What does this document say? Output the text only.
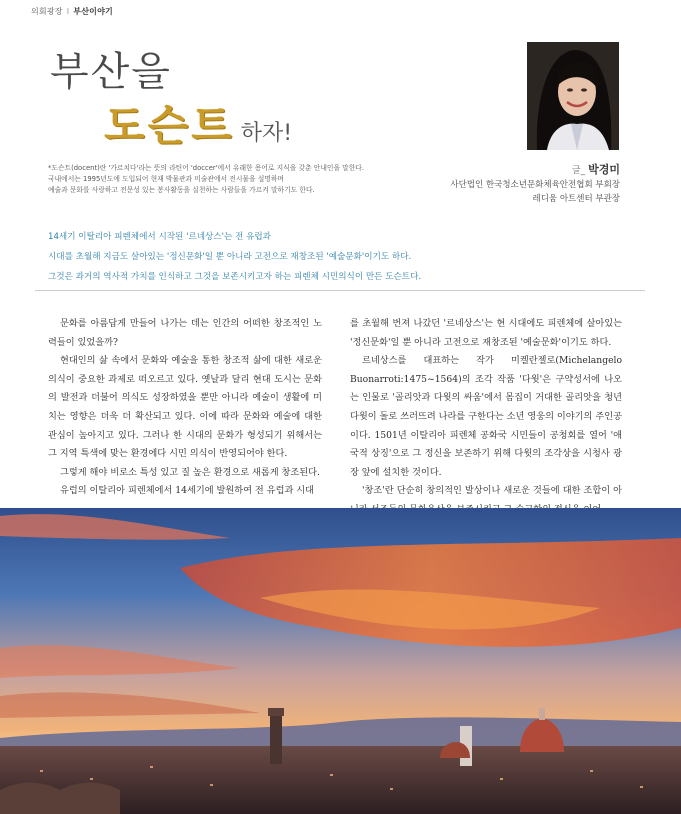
의회광장 I 부산이야기
부산을
도슨트 하자!
글_ 박경미
사단법인 한국청소년문화체육안전협회 부회장
레디움 아트센터 부관장

*도슨트(docent)란 '가르치다'라는 뜻의 라틴어 'doccer'에서 유래한 용어로 지식을 갖춘 안내인을 말한다.

국내에서는 1995년도에 도입되어 현재 박물관과 미술관에서 전시물을 설명하며

예술과 문화를 사랑하고 전문성 있는 봉사활동을 실천하는 사람들을 가르켜 말하기도 한다.

14세기 이탈리아 피렌체에서 시작된 '르네상스'는 전 유럽과

시대를 초월해 지금도 살아있는 '정신문화'일 뿐 아니라 고전으로 재창조된 '예술문화'이기도 하다.

그것은 과거의 역사적 가치를 인식하고 그것을 보존시키고자 하는 피렌체 시민의식이 만든 도슨트다.

문화를 아름답게 만들어 나가는 데는 인간의 어떠한 창조적인 노력들이 있었을까?

현대인의 삶 속에서 문화와 예술을 통한 창조적 삶에 대한 새로운 의식이 중요한 과제로 떠오르고 있다. 옛날과 달리 현대 도시는 문화의 발전과 더불어 의식도 성장하였을 뿐만 아니라 예술이 생활에 미치는 영향은 더욱 더 확산되고 있다. 이에 따라 문화와 예술에 대한 관심이 높아지고 있다. 그러나 한 시대의 문화가 형성되기 위해서는 그 지역 특색에 맞는 환경에다 시민 의식이 반영되어야 한다.

그렇게 해야 비로소 특성 있고 질 높은 환경으로 새롭게 창조된다.

유럽의 이탈리아 피렌체에서 14세기에 발원하여 전 유럽과 시대

를 초월해 번져 나갔던 '르네상스'는 현 시대에도 피렌체에 살아있는 '정신문화'일 뿐 아니라 고전으로 재창조된 '예술문화'이기도 하다.

르네상스를 대표하는 작가 미켈란젤로(Michelangelo Buonarroti:1475~1564)의 조각 작품 '다윗'은 구약성서에 나오는 인물로 '골리앗과 다윗의 싸움'에서 몸집이 거대한 골리앗을 청년 다윗이 돌로 쓰러뜨려 나라를 구한다는 소년 영웅의 이야기의 주인공이다. 1501년 이탈리아 피렌체 공화국 시민들이 공청회를 열어 '애국적 상징'으로 그 정신을 보존하기 위해 다윗의 조각상을 시청사 광장 앞에 설치한 것이다.

'창조'란 단순히 창의적인 발상이나 새로운 것들에 대한 조합이 아
